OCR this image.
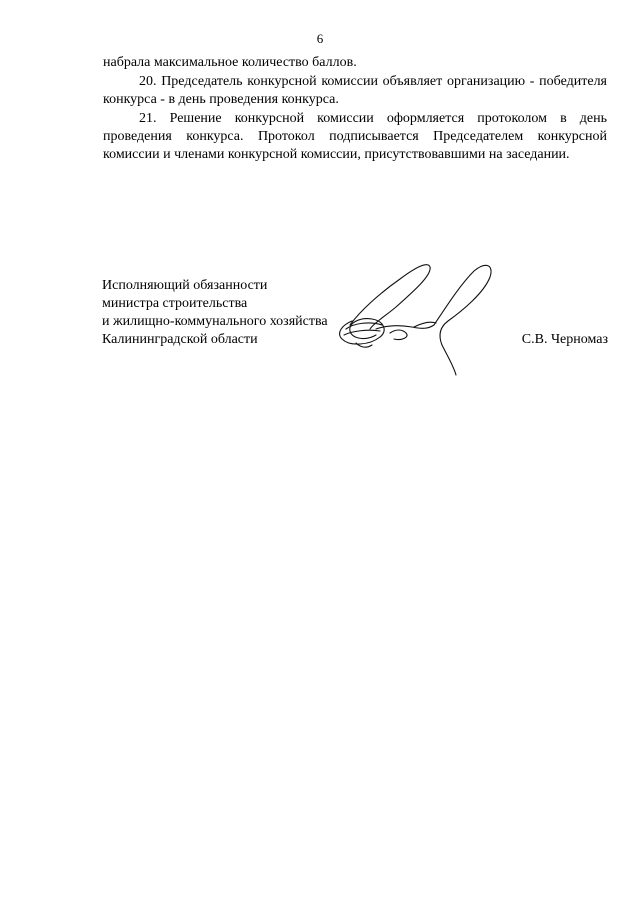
6

набрала максимальное количество баллов.

20. Председатель конкурсной комиссии объявляет организацию - победителя конкурса - в день проведения конкурса.

21. Решение конкурсной комиссии оформляется протоколом в день проведения конкурса. Протокол подписывается Председателем конкурсной комиссии и членами конкурсной комиссии, присутствовавшими на заседании.

Исполняющий обязанности
министра строительства
и жилищно-коммунального хозяйства
Калининградской области	С.В. Черномаз
